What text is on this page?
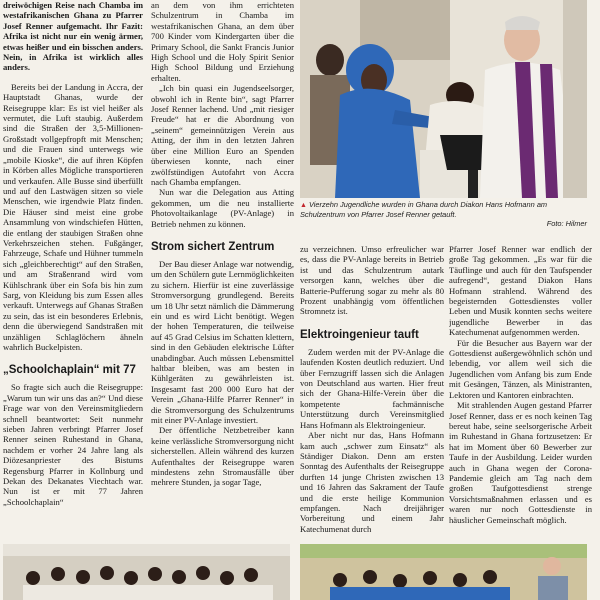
dreiwöchigen Reise nach Chamba im westafrikanischen Ghana zu Pfarrer Josef Renner aufgemacht. Ihr Fazit: Afrika ist nicht nur ein wenig ärmer, etwas heißer und ein bisschen anders. Nein, in Afrika ist wirklich alles anders.

Bereits bei der Landung in Accra, der Hauptstadt Ghanas, wurde der Reisegruppe klar: Es ist viel heißer als vermutet, die Luft staubig. Außerdem sind die Straßen der 3,5-Millionen-Großstadt vollgepfropft mit Menschen; und die Frauen sind unterwegs wie „mobile Kioske“, die auf ihren Köpfen in Körben alles Mögliche transportieren und verkaufen. Alle Busse sind überfüllt und auf den Lastwägen sitzen so viele Menschen, wie irgendwie Platz finden. Die Häuser sind meist eine grobe Ansammlung von windschiefen Hütten, die entlang der staubigen Straßen ohne Verkehrszeichen stehen. Fußgänger, Fahrzeuge, Schafe und Hühner tummeln sich „gleichberechtigt“ auf den Straßen, und am Straßenrand wird vom Kühlschrank über ein Sofa bis hin zum Sarg, von Kleidung bis zum Essen alles verkauft. Unterwegs auf Ghanas Straßen zu sein, das ist ein besonderes Erlebnis, denn die überwiegend Sandstraßen mit unzähligen Schlaglöchern ähneln wahrlich Buckelpisten.

„Schoolchaplain“ mit 77

So fragte sich auch die Reisegruppe: „Warum tun wir uns das an?“ Und diese Frage war von den Vereinsmitgliedern schnell beantwortet: Seit nunmehr sieben Jahren verbringt Pfarrer Josef Renner seinen Ruhestand in Ghana, nachdem er vorher 24 Jahre lang als Diözesanpriester des Bistums Regensburg Pfarrer in Kollnburg und Dekan des Dekanates Viechtach war. Nun ist er mit 77 Jahren „Schoolchaplain“

an dem von ihm errichteten Schulzentrum in Chamba im westafrikanischen Ghana, an dem über 700 Kinder vom Kindergarten über die Primary School, die Sankt Francis Junior High School und die Holy Spirit Senior High School Bildung und Erziehung erhalten.

„Ich bin quasi ein Jugendseelsorger, obwohl ich in Rente bin“, sagt Pfarrer Josef Renner lachend. Und „mit riesiger Freude“ hat er die Abordnung von „seinem“ gemeinnützigen Verein aus Atting, der ihm in den letzten Jahren über eine Million Euro an Spenden überwiesen konnte, nach einer zwölfstündigen Autofahrt von Accra nach Ghamba empfangen.

Nun war die Delegation aus Atting gekommen, um die neu installierte Photovoltaikanlage (PV-Anlage) in Betrieb nehmen zu können.

Strom sichert Zentrum

Der Bau dieser Anlage war notwendig, um den Schülern gute Lernmöglichkeiten zu sichern. Hierfür ist eine zuverlässige Stromversorgung grundlegend. Bereits um 18 Uhr setzt nämlich die Dämmerung ein und es wird Licht benötigt. Wegen der hohen Temperaturen, die teilweise auf 45 Grad Celsius im Schatten klettern, sind in den Gebäuden elektrische Lüfter unabdingbar. Auch müssen Lebensmittel haltbar bleiben, was am besten in Kühlgeräten zu gewährleisten ist. Insgesamt fast 200 000 Euro hat der Verein „Ghana-Hilfe Pfarrer Renner“ in die Stromversorgung des Schulzentrums mit einer PV-Anlage investiert.

Der öffentliche Netzbetreiber kann keine verlässliche Stromversorgung nicht sicherstellen. Allein während des kurzen Aufenthaltes der Reisegruppe waren mindestens zehn Stromausfälle über mehrere Stunden, ja sogar Tage,

▲ Vierzehn Jugendliche wurden in Ghana durch Diakon Hans Hofmann am Schulzentrum von Pfarrer Josef Renner getauft.
Foto: Hilmer

zu verzeichnen. Umso erfreulicher war es, dass die PV-Anlage bereits in Betrieb ist und das Schulzentrum autark versorgen kann, welches über die Batterie-Pufferung sogar zu mehr als 80 Prozent unabhängig vom öffentlichen Stromnetz ist.

Elektroingenieur tauft

Zudem werden mit der PV-Anlage die laufenden Kosten deutlich reduziert. Und über Fernzugriff lassen sich die Anlagen von Deutschland aus warten. Hier freut sich der Ghana-Hilfe-Verein über die kompetente fachmännische Unterstützung durch Vereinsmitglied Hans Hofmann als Elektroingenieur.

Aber nicht nur das, Hans Hofmann kam auch „schwer zum Einsatz“ als Ständiger Diakon. Denn am ersten Sonntag des Aufenthalts der Reisegruppe durften 14 junge Christen zwischen 13 und 16 Jahren das Sakrament der Taufe und die erste heilige Kommunion empfangen. Nach dreijähriger Vorbereitung und einem Jahr Katechumenat durch

Pfarrer Josef Renner war endlich der große Tag gekommen. „Es war für die Täuflinge und auch für den Taufspender aufregend“, gestand Diakon Hans Hofmann strahlend. Während des begeisternden Gottesdienstes voller Leben und Musik konnten sechs weitere jugendliche Bewerber in das Katechumenat aufgenommen werden.

Für die Besucher aus Bayern war der Gottesdienst außergewöhnlich schön und lebendig, vor allem weil sich die Jugendlichen vom Anfang bis zum Ende mit Gesängen, Tänzen, als Ministranten, Lektoren und Kantoren einbrachten.

Mit strahlenden Augen gestand Pfarrer Josef Renner, dass er es noch keinen Tag bereut habe, seine seelsorgerische Arbeit im Ruhestand in Ghana fortzusetzen: Er hat im Moment über 60 Bewerber zur Taufe in der Ausbildung. Leider wurden auch in Ghana wegen der Corona-Pandemie gleich am Tag nach dem großen Taufgottesdienst strenge Vorsichtsmaßnahmen erlassen und es waren nur noch Gottesdienste in häuslicher Gemeinschaft möglich.
